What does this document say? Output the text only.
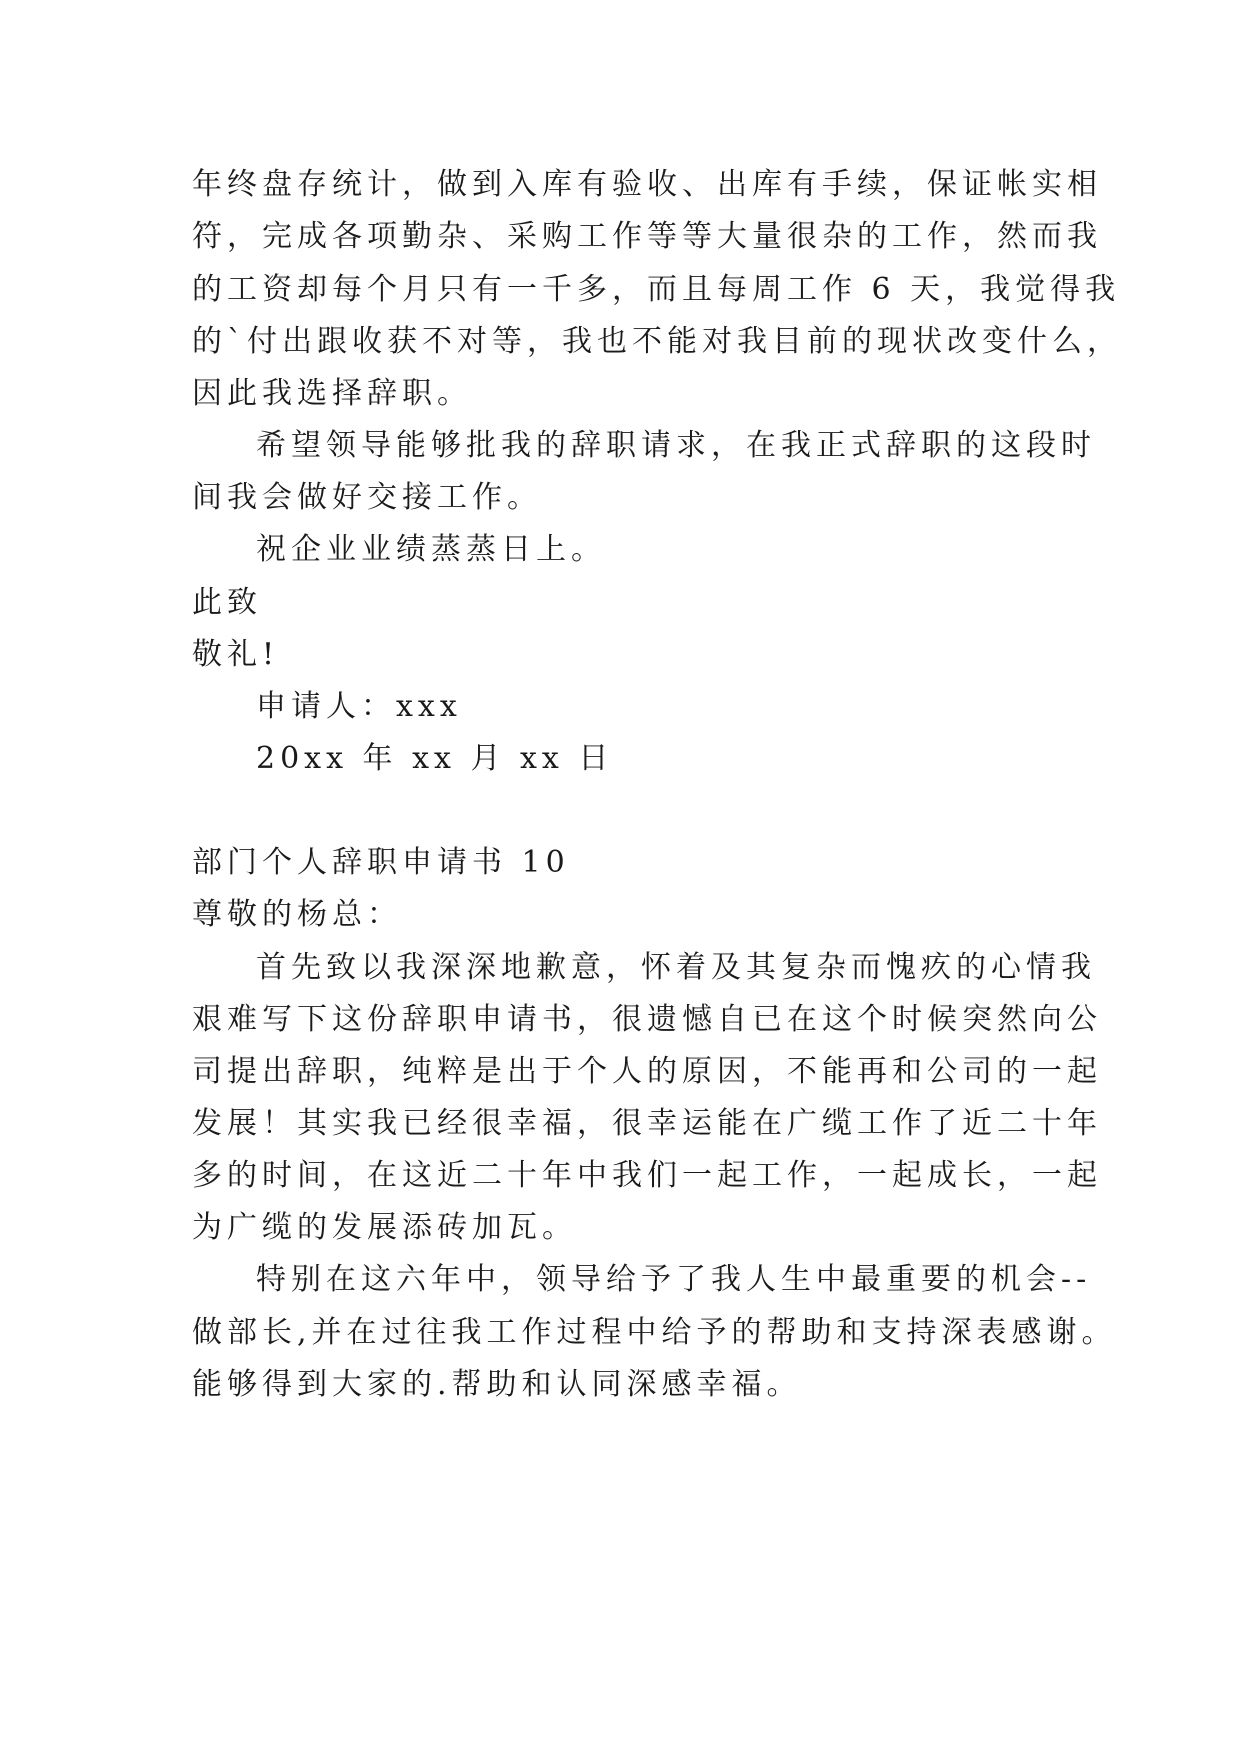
年终盘存统计，做到入库有验收、出库有手续，保证帐实相
符，完成各项勤杂、采购工作等等大量很杂的工作，然而我
的工资却每个月只有一千多，而且每周工作 6 天，我觉得我
的`付出跟收获不对等，我也不能对我目前的现状改变什么，
因此我选择辞职。
希望领导能够批我的辞职请求，在我正式辞职的这段时
间我会做好交接工作。
祝企业业绩蒸蒸日上。
此致
敬礼!
申请人：xxx
20xx 年 xx 月 xx 日
部门个人辞职申请书 10
尊敬的杨总：
首先致以我深深地歉意，怀着及其复杂而愧疚的心情我
艰难写下这份辞职申请书，很遗憾自已在这个时候突然向公
司提出辞职，纯粹是出于个人的原因，不能再和公司的一起
发展！其实我已经很幸福，很幸运能在广缆工作了近二十年
多的时间，在这近二十年中我们一起工作，一起成长，一起
为广缆的发展添砖加瓦。
特别在这六年中，领导给予了我人生中最重要的机会--
做部长,并在过往我工作过程中给予的帮助和支持深表感谢。
能够得到大家的.帮助和认同深感幸福。
